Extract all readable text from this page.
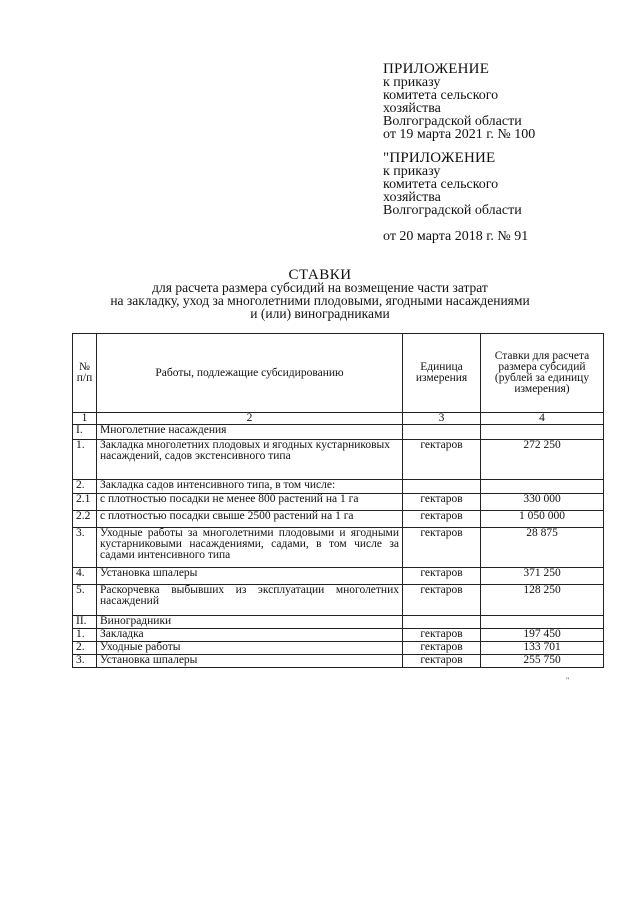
ПРИЛОЖЕНИЕ
к приказу
комитета сельского
хозяйства
Волгоградской области
от 19 марта 2021 г. № 100
"ПРИЛОЖЕНИЕ
к приказу
комитета сельского
хозяйства
Волгоградской области
от 20 марта 2018 г. № 91
СТАВКИ
для расчета размера субсидий на возмещение части затрат
на закладку, уход за многолетними плодовыми, ягодными насаждениями
и (или) виноградниками
№ п/п	Работы, подлежащие субсидированию	Единица измерения	Ставки для расчета размера субсидий (рублей за единицу измерения)
1	2	3	4
I.	Многолетние насаждения		
1.	Закладка многолетних плодовых и ягодных кустарниковых насаждений, садов экстенсивного типа	гектаров	272 250
2.	Закладка садов интенсивного типа, в том числе:		
2.1	с плотностью посадки не менее 800 растений на 1 га	гектаров	330 000
2.2	с плотностью посадки свыше 2500 растений на 1 га	гектаров	1 050 000
3.	Уходные работы за многолетними плодовыми и ягодными кустарниковыми насаждениями, садами, в том числе за садами интенсивного типа	гектаров	28 875
4.	Установка шпалеры	гектаров	371 250
5.	Раскорчевка выбывших из эксплуатации многолетних насаждений	гектаров	128 250
II.	Виноградники		
1.	Закладка	гектаров	197 450
2.	Уходные работы	гектаров	133 701
3.	Установка шпалеры	гектаров	255 750
"
